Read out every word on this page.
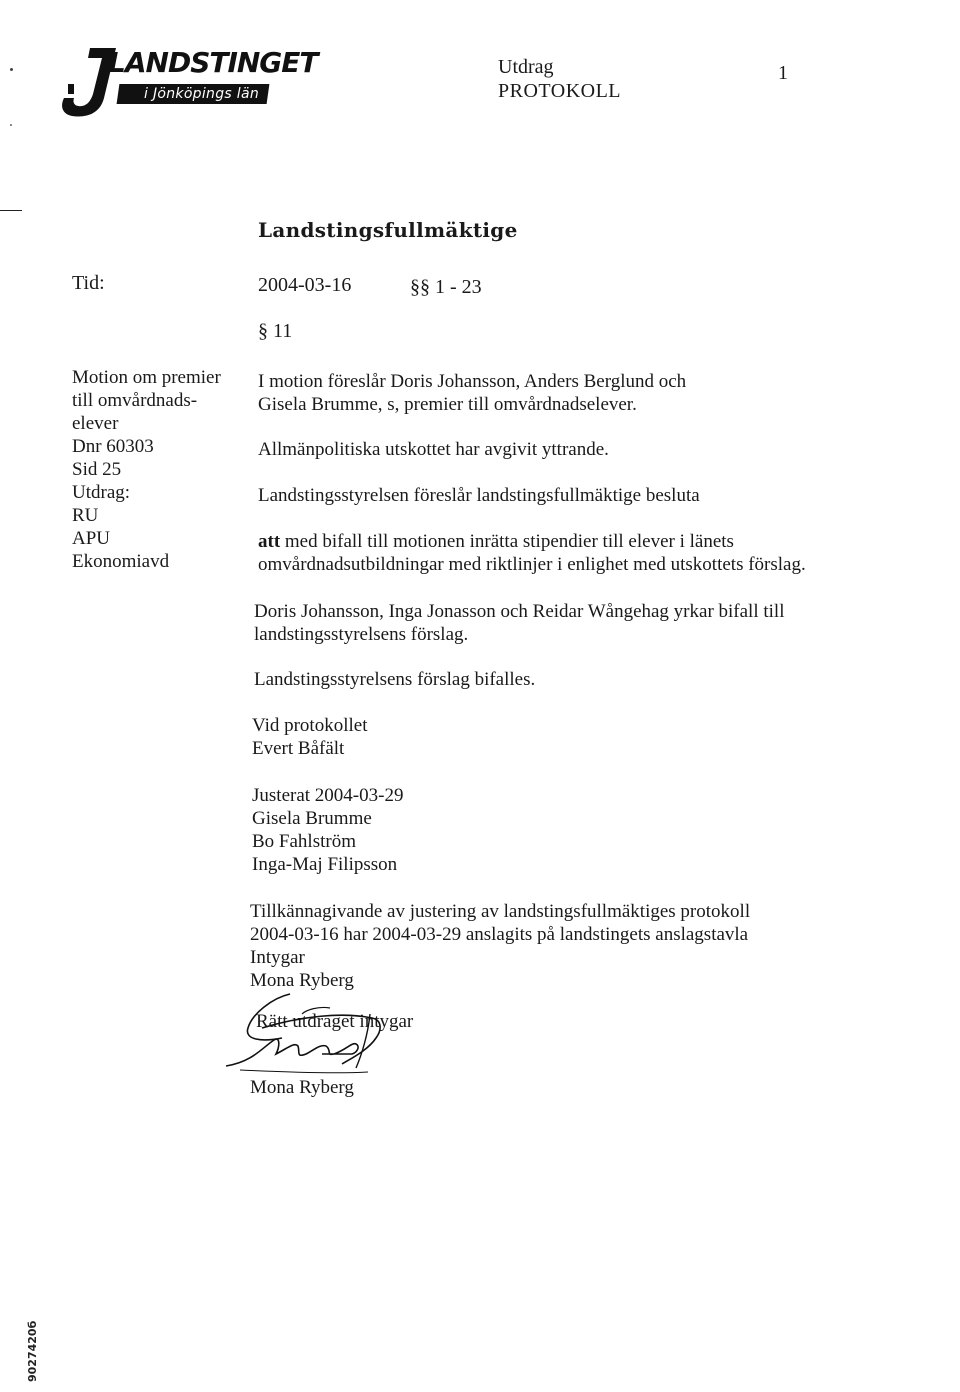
LANDSTINGET
i Jönköpings län
Utdrag
PROTOKOLL
1
Landstingsfullmäktige
Tid:	2004-03-16	§§ 1 - 23
§ 11
Motion om premier
till omvårdnads-
elever
Dnr 60303
Sid 25
Utdrag:
RU
APU
Ekonomiavd
I motion föreslår Doris Johansson, Anders Berglund och
Gisela Brumme, s, premier till omvårdnadselever.
Allmänpolitiska utskottet har avgivit yttrande.
Landstingsstyrelsen föreslår landstingsfullmäktige besluta
att med bifall till motionen inrätta stipendier till elever i länets
omvårdnadsutbildningar med riktlinjer i enlighet med utskottets förslag.
Doris Johansson, Inga Jonasson och Reidar Wångehag yrkar bifall till
landstingsstyrelsens förslag.
Landstingsstyrelsens förslag bifalles.
Vid protokollet
Evert Båfält
Justerat 2004-03-29
Gisela Brumme
Bo Fahlström
Inga-Maj Filipsson
Tillkännagivande av justering av landstingsfullmäktiges protokoll
2004-03-16 har 2004-03-29 anslagits på landstingets anslagstavla
Intygar
Mona Ryberg
Rätt utdraget intygar
Mona Ryberg
9027420б
